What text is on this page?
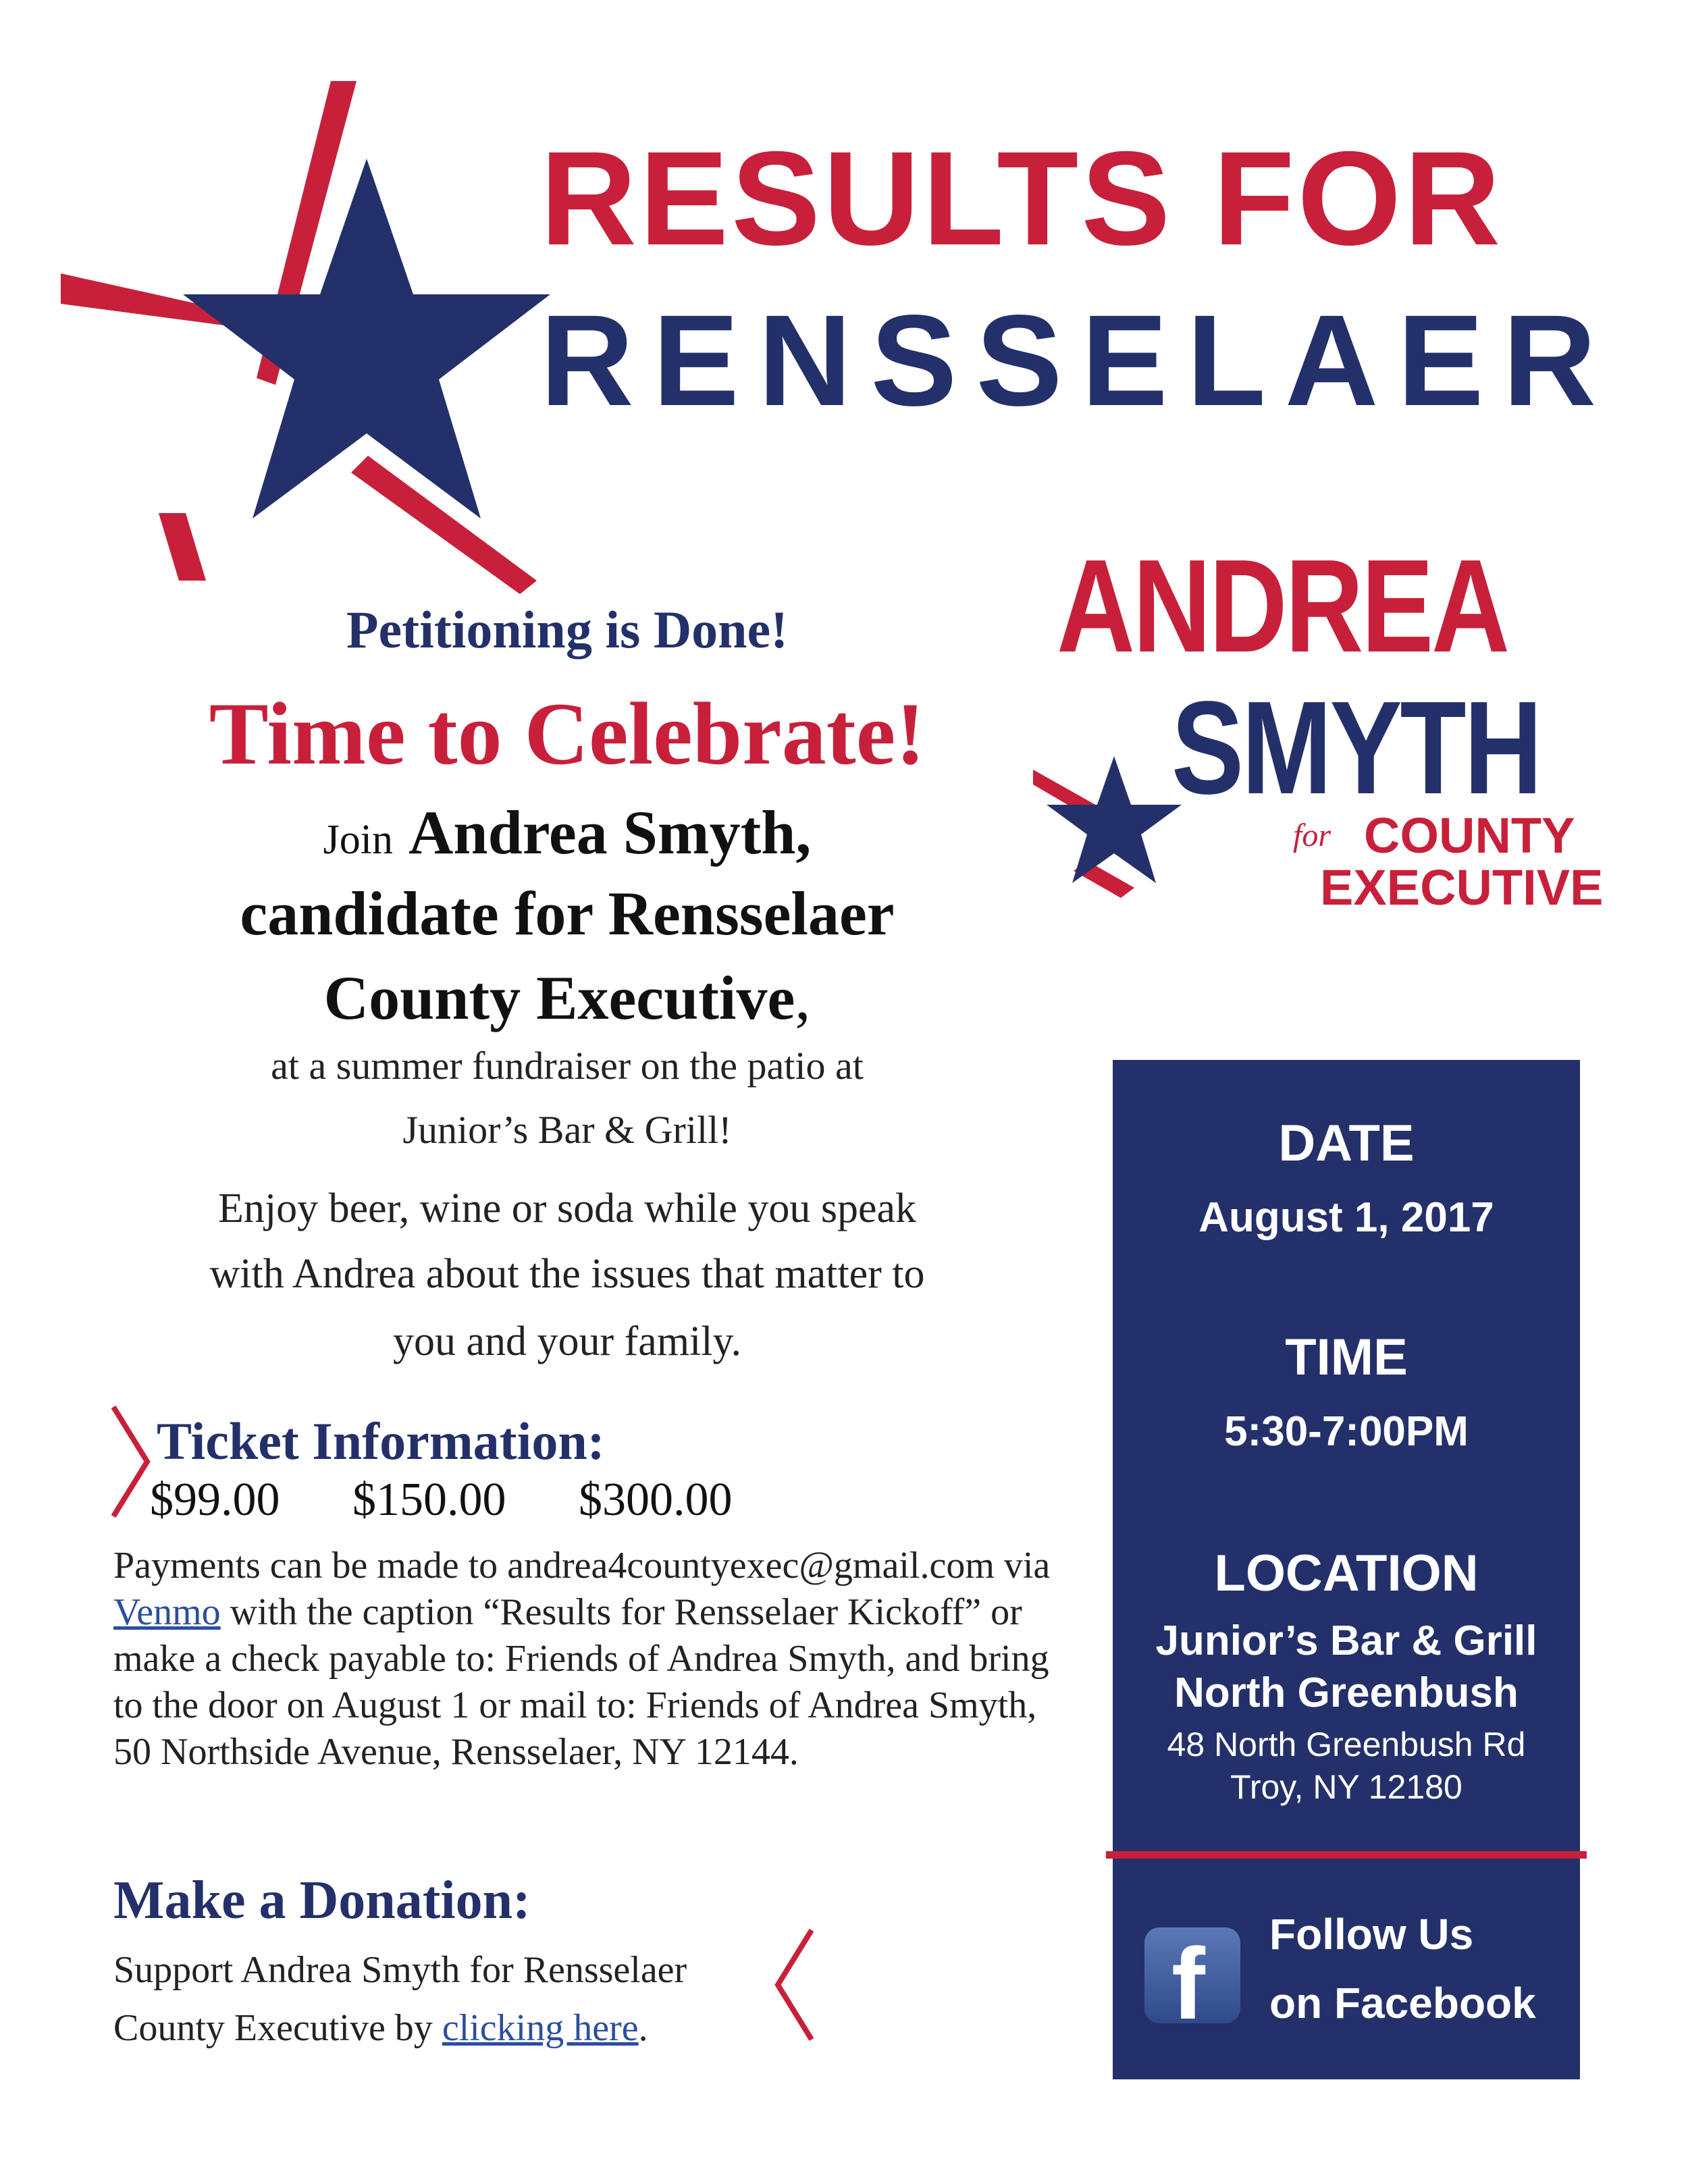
RESULTS FOR
RENSSELAER
ANDREA
SMYTH
for COUNTY
EXECUTIVE
Petitioning is Done!
Time to Celebrate!
Join Andrea Smyth,
candidate for Rensselaer
County Executive,
at a summer fundraiser on the patio at
Junior’s Bar & Grill!
Enjoy beer, wine or soda while you speak
with Andrea about the issues that matter to
you and your family.
Ticket Information:
$99.00 $150.00 $300.00
Payments can be made to andrea4countyexec@gmail.com via Venmo with the caption “Results for Rensselaer Kickoff” or make a check payable to: Friends of Andrea Smyth, and bring to the door on August 1 or mail to: Friends of Andrea Smyth, 50 Northside Avenue, Rensselaer, NY 12144.
Make a Donation:
Support Andrea Smyth for Rensselaer County Executive by clicking here.
DATE
August 1, 2017
TIME
5:30-7:00PM
LOCATION
Junior’s Bar & Grill
North Greenbush
48 North Greenbush Rd
Troy, NY 12180
f Follow Us
on Facebook
